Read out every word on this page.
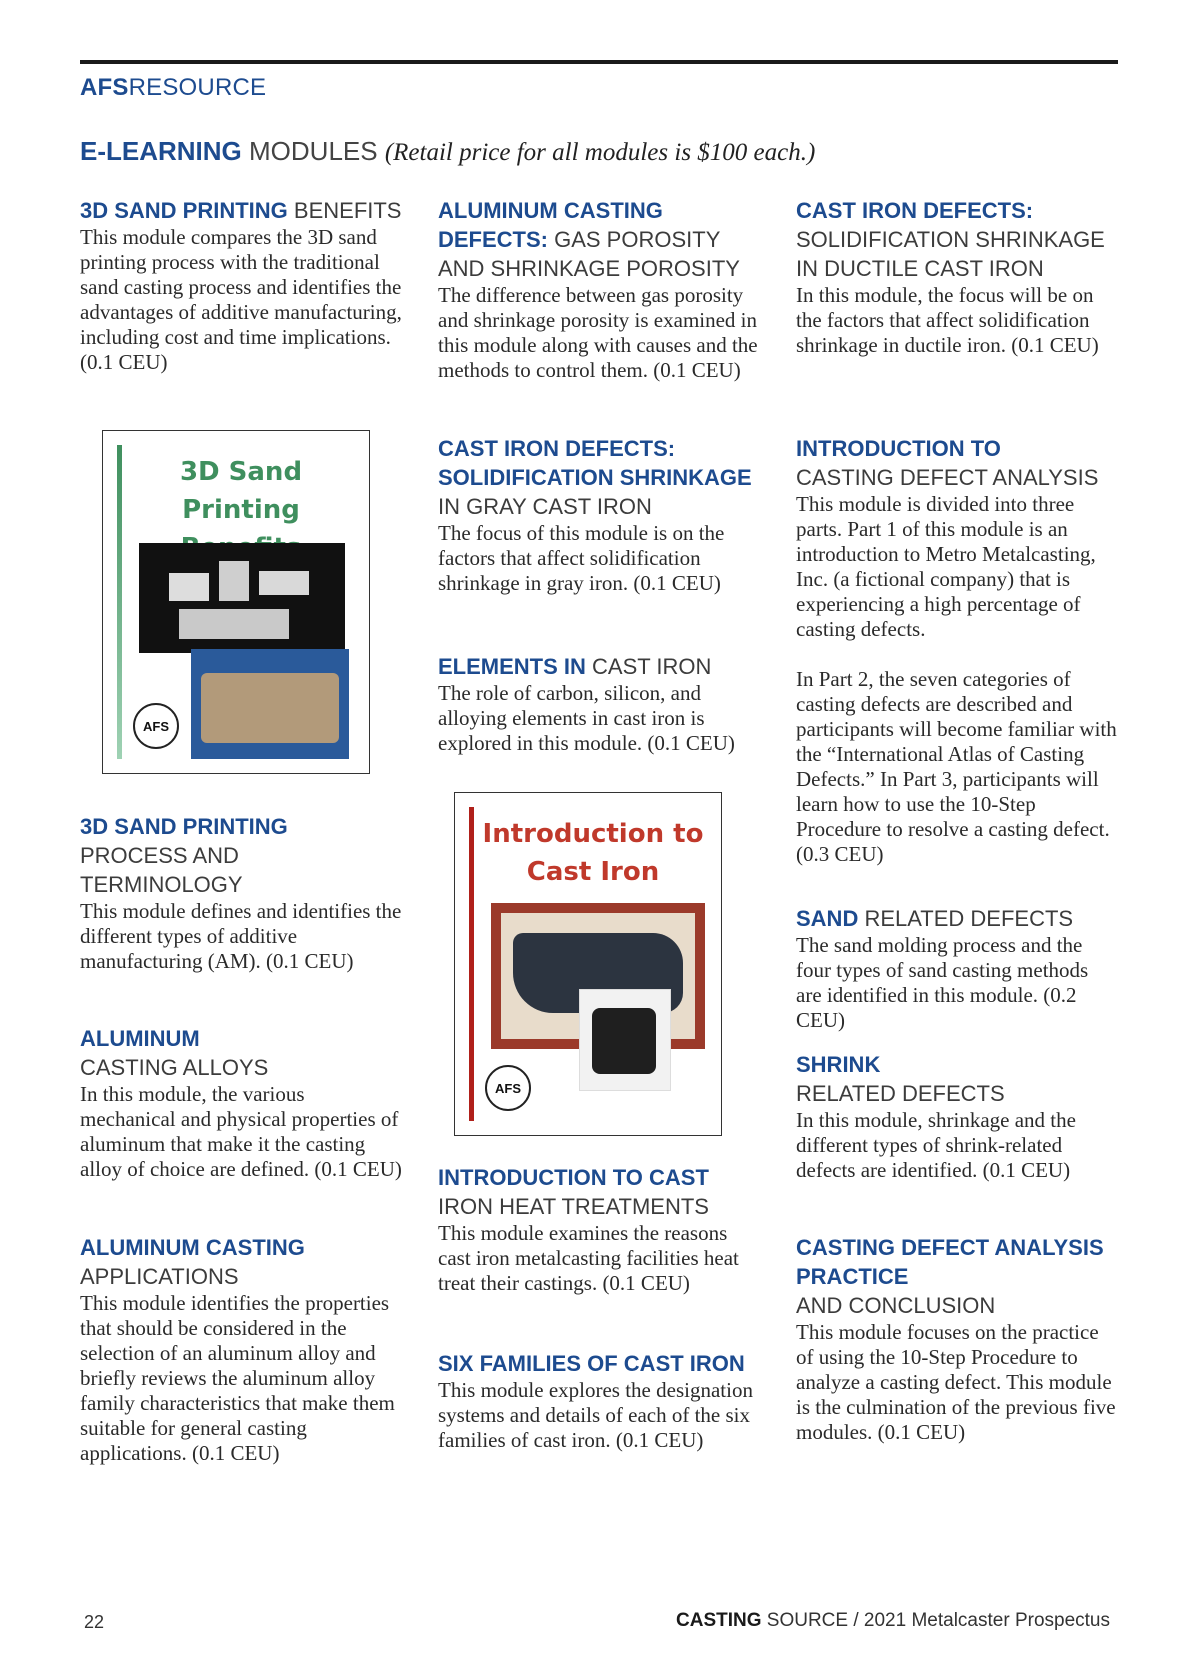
AFSRESOURCE
E-LEARNING MODULES (Retail price for all modules is $100 each.)
3D SAND PRINTING BENEFITS

This module compares the 3D sand printing process with the traditional sand casting process and identifies the advantages of additive manufacturing, including cost and time implications. (0.1 CEU)

3D Sand Printing
AFS
3D SAND PRINTING
PROCESS AND TERMINOLOGY

This module defines and identifies the different types of additive manufacturing (AM). (0.1 CEU)

ALUMINUM
CASTING ALLOYS

In this module, the various mechanical and physical properties of aluminum that make it the casting alloy of choice are defined. (0.1 CEU)

ALUMINUM CASTING
APPLICATIONS

This module identifies the properties that should be considered in the selection of an aluminum alloy and briefly reviews the aluminum alloy family characteristics that make them suitable for general casting applications. (0.1 CEU)

ALUMINUM CASTING DEFECTS: GAS POROSITY AND SHRINKAGE POROSITY

The difference between gas porosity and shrinkage porosity is examined in this module along with causes and the methods to control them. (0.1 CEU)

CAST IRON DEFECTS: SOLIDIFICATION SHRINKAGE IN GRAY CAST IRON

The focus of this module is on the factors that affect solidification shrinkage in gray iron. (0.1 CEU)

ELEMENTS IN CAST IRON

The role of carbon, silicon, and alloying elements in cast iron is explored in this module. (0.1 CEU)

Introduction to Cast Iron
AFS
INTRODUCTION TO CAST
IRON HEAT TREATMENTS

This module examines the reasons cast iron metalcasting facilities heat treat their castings. (0.1 CEU)

SIX FAMILIES OF CAST IRON

This module explores the designation systems and details of each of the six families of cast iron. (0.1 CEU)

CAST IRON DEFECTS:
SOLIDIFICATION SHRINKAGE IN DUCTILE CAST IRON

In this module, the focus will be on the factors that affect solidification shrinkage in ductile iron. (0.1 CEU)

INTRODUCTION TO
CASTING DEFECT ANALYSIS

This module is divided into three parts. Part 1 of this module is an introduction to Metro Metalcasting, Inc. (a fictional company) that is experiencing a high percentage of casting defects.

In Part 2, the seven categories of casting defects are described and participants will become familiar with the “International Atlas of Casting Defects.” In Part 3, participants will learn how to use the 10-Step Procedure to resolve a casting defect. (0.3 CEU)

SAND RELATED DEFECTS

The sand molding process and the four types of sand casting methods are identified in this module. (0.2 CEU)

SHRINK
RELATED DEFECTS

In this module, shrinkage and the different types of shrink-related defects are identified. (0.1 CEU)

CASTING DEFECT ANALYSIS PRACTICE
AND CONCLUSION

This module focuses on the practice of using the 10-Step Procedure to analyze a casting defect. This module is the culmination of the previous five modules. (0.1 CEU)

22	CASTING SOURCE / 2021 Metalcaster Prospectus
